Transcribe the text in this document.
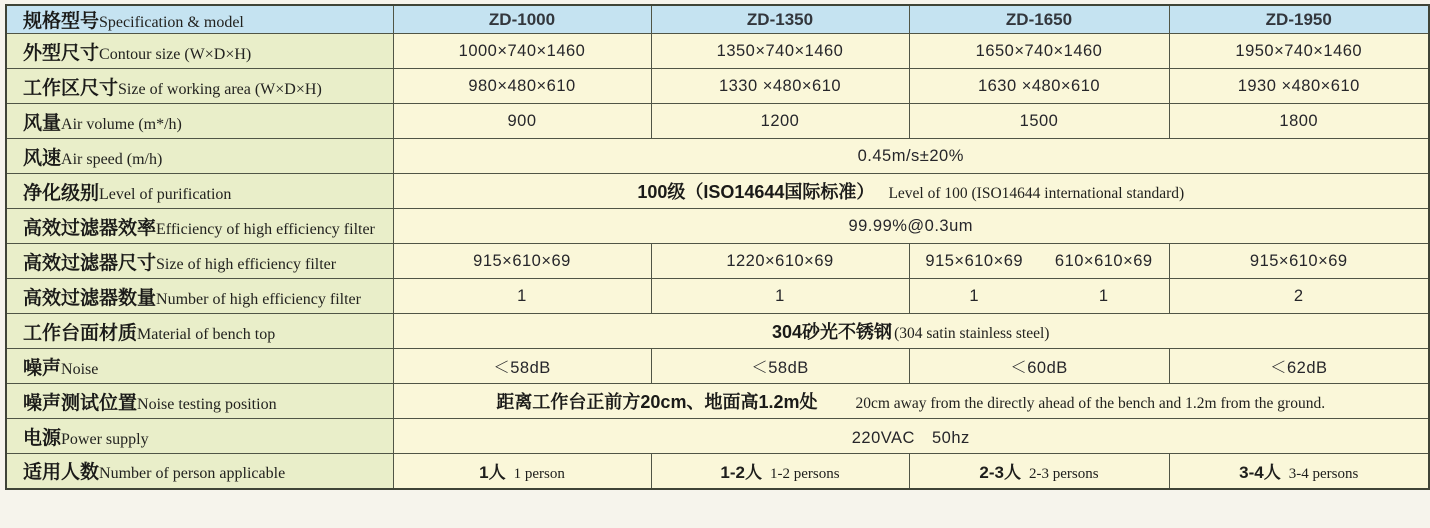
规格型号Specification & model	ZD-1000	ZD-1350	ZD-1650	ZD-1950
外型尺寸Contour size (W×D×H)	1000×740×1460	1350×740×1460	1650×740×1460	1950×740×1460
工作区尺寸Size of working area (W×D×H)	980×480×610	1330 ×480×610	1630 ×480×610	1930 ×480×610
风量Air volume (m*/h)	900	1200	1500	1800
风速Air speed (m/h)	0.45m/s±20%			
净化级别Level of purification	100级（ISO14644国际标准） Level of 100 (ISO14644 international standard)			

高效过滤器效率Efficiency of high efficiency filter	99.99%@0.3um			
高效过滤器尺寸Size of high efficiency filter	915×610×69	1220×610×69	915×610×69 610×610×69	915×610×69
高效过滤器数量Number of high efficiency filter	1	1	1 1	2
工作台面材质Material of bench top	304砂光不锈钢 (304 satin stainless steel)			

噪声Noise	＜58dB	＜58dB	＜60dB	＜62dB
噪声测试位置Noise testing position	距离工作台正前方20cm、地面高1.2m处 20cm away from the directly ahead of the bench and 1.2m from the ground.			

电源Power supply	220VAC　50hz			
适用人数Number of person applicable	1人 1 person	1-2人 1-2 persons	2-3人 2-3 persons	3-4人 3-4 persons
